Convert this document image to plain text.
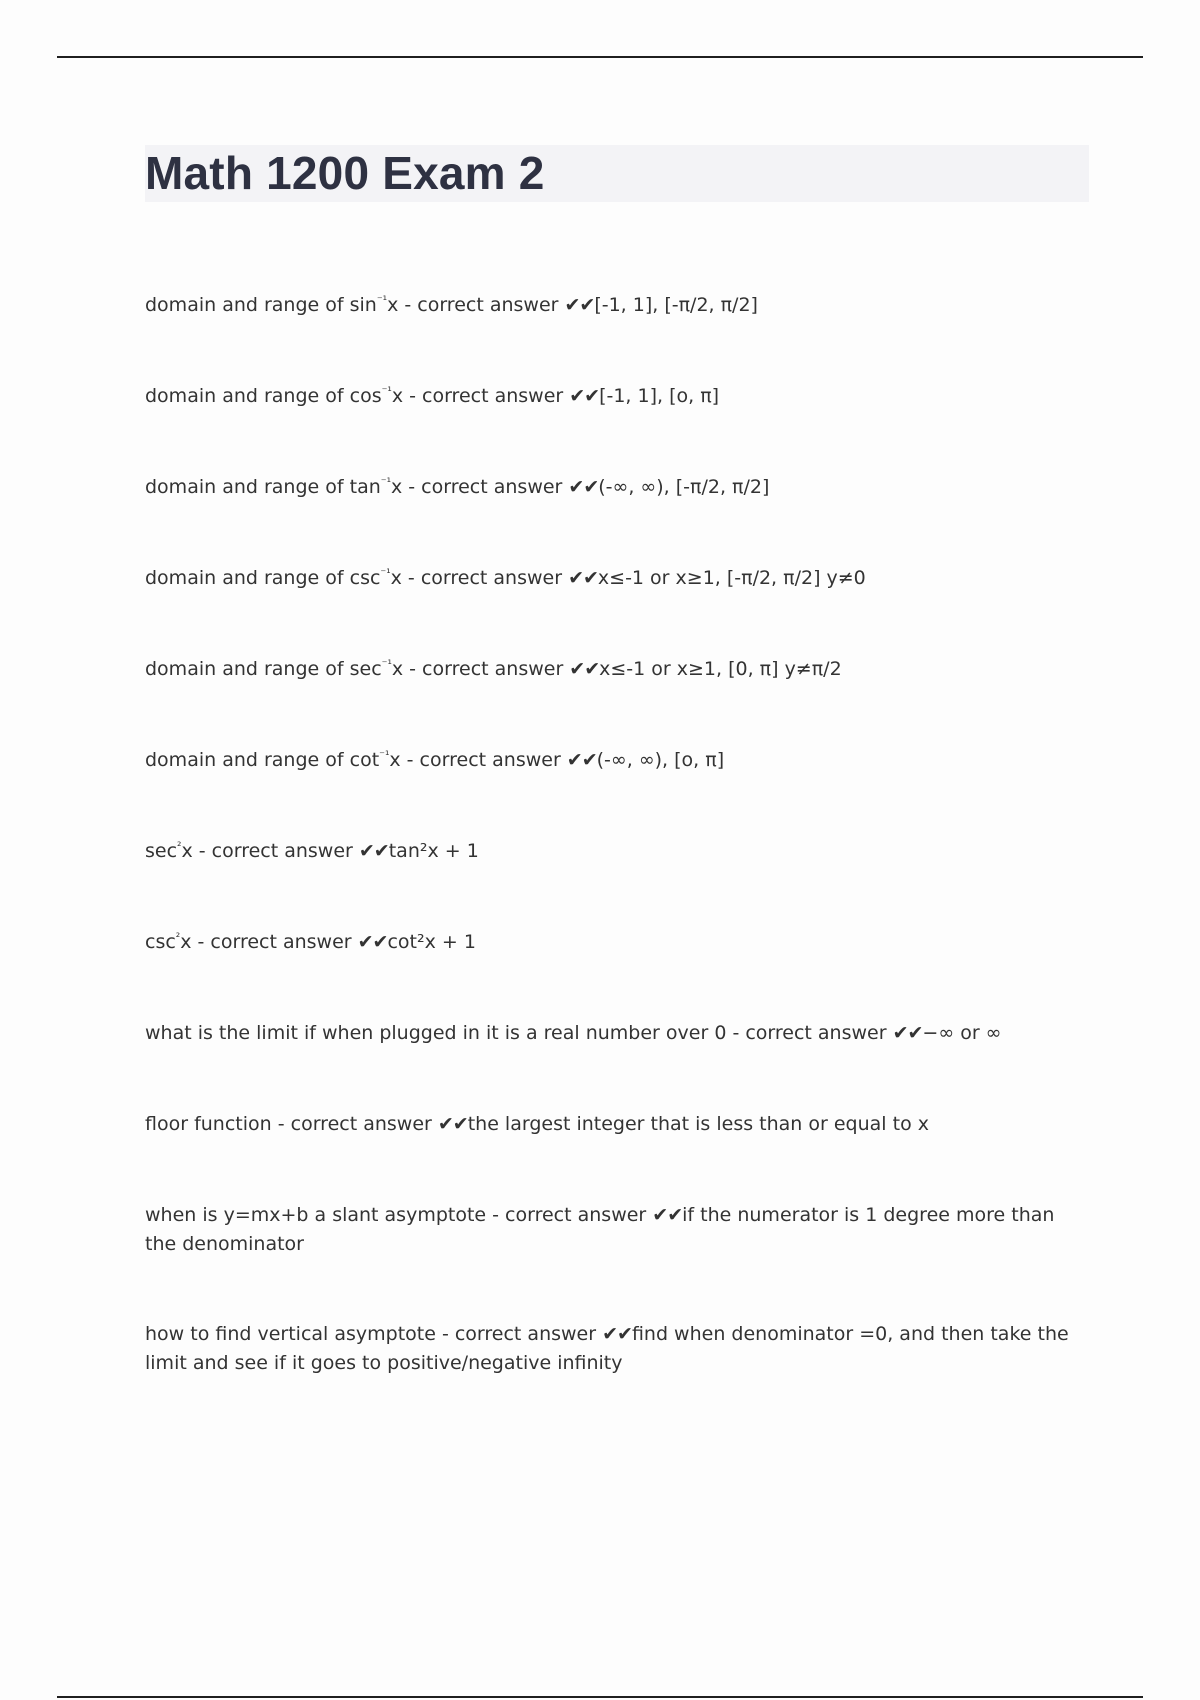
Math 1200 Exam 2
domain and range of $\sin^{^{-1}}x$ - correct answer ✔✔[-1, 1], [-π/2, π/2]
domain and range of $\cos^{^{-1}}x$ - correct answer ✔✔[-1, 1], [o, π]
domain and range of $\tan^{^{-1}}x$ - correct answer ✔✔(-∞, ∞), [-π/2, π/2]
domain and range of $\csc^{^{-1}}x$ - correct answer ✔✔x≤-1 or x≥1, [-π/2, π/2] y≠0
domain and range of $\sec^{^{-1}}x$ - correct answer ✔✔x≤-1 or x≥1, [0, π] y≠π/2
domain and range of $\cot^{^{-1}}x$ - correct answer ✔✔(-∞, ∞), [o, π]
$\sec^{^2}x$ - correct answer ✔✔tan²x + 1
$\csc^{^2}x$ - correct answer ✔✔cot²x + 1
what is the limit if when plugged in it is a real number over 0 - correct answer ✔✔−∞ or ∞
floor function - correct answer ✔✔the largest integer that is less than or equal to x
when is y=mx+b a slant asymptote - correct answer ✔✔if the numerator is 1 degree more than the denominator
how to find vertical asymptote - correct answer ✔✔find when denominator =0, and then take the limit and see if it goes to positive/negative infinity
